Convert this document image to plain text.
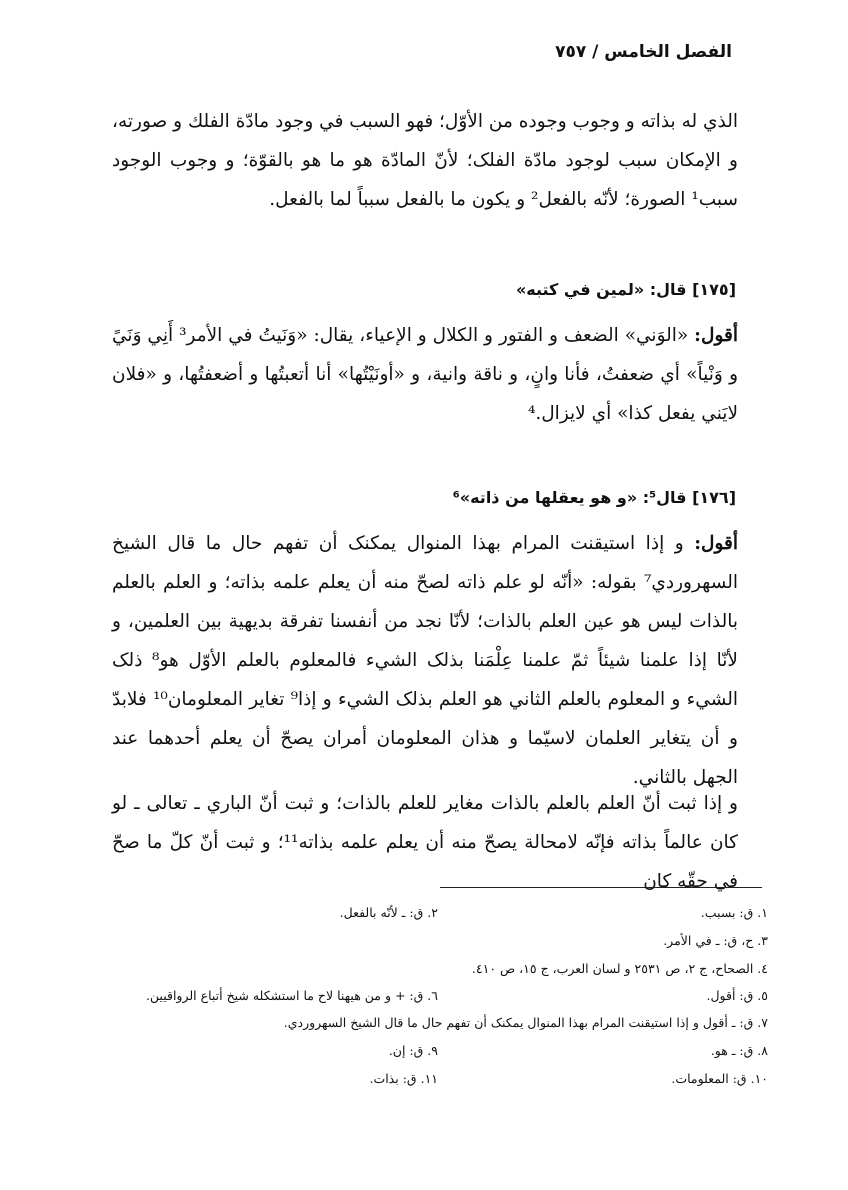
الفصل الخامس / ٧٥٧
الذي له بذاته و وجوب وجوده من الأوّل؛ فهو السبب في وجود مادّة الفلك و صورته، و الإمكان سبب لوجود مادّة الفلک؛ لأنّ المادّة هو ما هو بالقوّة؛ و وجوب الوجود سبب¹ الصورة؛ لأنّه بالفعل² و يكون ما بالفعل سبباً لما بالفعل.
[١٧٥] قال: «لمين في كتبه»
أقول: «الوَني» الضعف و الفتور و الكلال و الإعياء، يقال: «وَنَيتُ في الأمر³ أَنِي وَنَيً و وَنْياً» أي ضعفتُ، فأنا وانٍ، و ناقة وانية، و «أونَيْتُها» أنا أتعبتُها و أضعفتُها، و «فلان لايَني يفعل كذا» أي لايزال.⁴
[١٧٦] قال⁵: «و هو يعقلها من ذاته»⁶
أقول: و إذا استيقنت المرام بهذا المنوال يمكنک أن تفهم حال ما قال الشيخ السهروردي⁷ بقوله: «أنّه لو علم ذاته لصحّ منه أن يعلم علمه بذاته؛ و العلم بالعلم بالذات ليس هو عين العلم بالذات؛ لأنّا نجد من أنفسنا تفرقة بديهية بين العلمين، و لأنّا إذا علمنا شيئاً ثمّ علمنا عِلْمَنا بذلک الشيء فالمعلوم بالعلم الأوّل هو⁸ ذلک الشيء و المعلوم بالعلم الثاني هو العلم بذلک الشيء و إذا⁹ تغاير المعلومان¹⁰ فلابدّ و أن يتغاير العلمان لاسيّما و هذان المعلومان أمران يصحّ أن يعلم أحدهما عند الجهل بالثاني.
و إذا ثبت أنّ العلم بالعلم بالذات مغاير للعلم بالذات؛ و ثبت أنّ الباري ـ تعالى ـ لو كان عالماً بذاته فإنّه لامحالة يصحّ منه أن يعلم علمه بذاته¹¹؛ و ثبت أنّ كلّ ما صحّ في حقّه كان
١. ق: بسبب.
٢. ق: ـ لأنّه بالفعل.
٣. ح، ق: ـ في الأمر.
٤. الصحاح، ج ٢، ص ٢٥٣١ و لسان العرب، ج ١٥، ص ٤١٠.
٥. ق: أقول.
٦. ق: + و من هيهنا لاح ما استشكله شيخ أتباع الرواقيين.
٧. ق: ـ أقول و إذا استيقنت المرام بهذا المنوال يمكنک أن تفهم حال ما قال الشيخ السهروردي.
٨. ق: ـ هو.
٩. ق: إن.
١٠. ق: المعلومات.
١١. ق: بذات.
